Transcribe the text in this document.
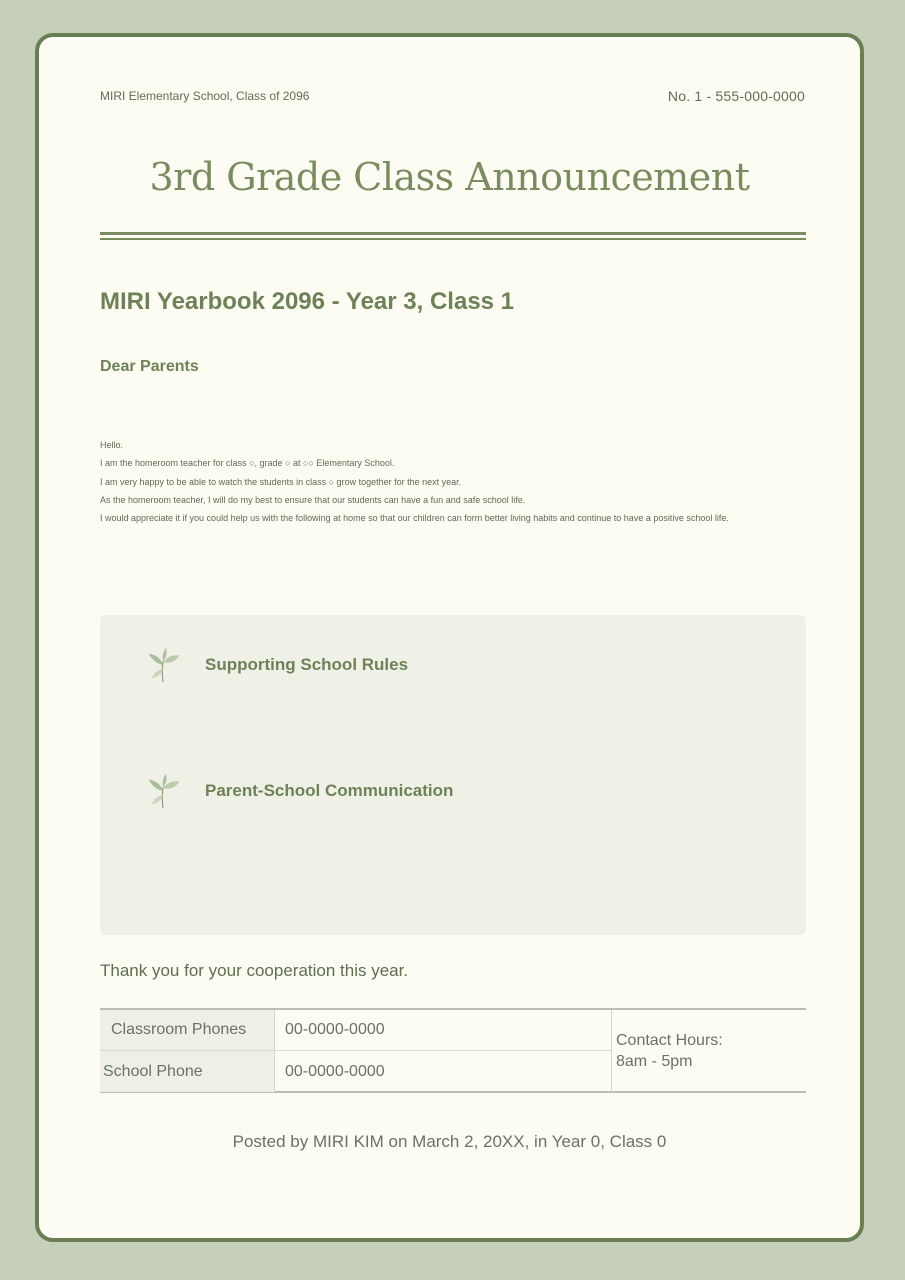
MIRI Elementary School, Class of 2096	No. 1 - 555-000-0000
3rd Grade Class Announcement
MIRI Yearbook 2096 - Year 3, Class 1
Dear Parents
Hello.
I am the homeroom teacher for class ○, grade ○ at ○○ Elementary School.
I am very happy to be able to watch the students in class ○ grow together for the next year.
As the homeroom teacher, I will do my best to ensure that our students can have a fun and safe school life.
I would appreciate it if you could help us with the following at home so that our children can form better living habits and continue to have a positive school life.
Supporting School Rules
Parent-School Communication
Thank you for your cooperation this year.
Classroom Phones	00-0000-0000
School Phone	00-0000-0000
Contact Hours:
8am - 5pm
Posted by MIRI KIM on March 2, 20XX, in Year 0, Class 0
